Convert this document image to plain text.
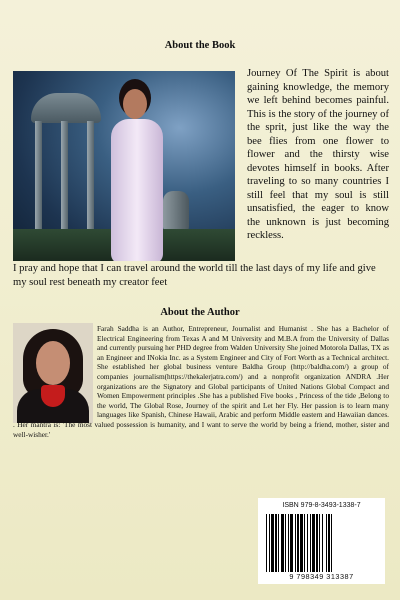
About the Book
Journey Of The Spirit is about gaining knowledge, the memory we left behind becomes painful. This is the story of the journey of the sprit, just like the way the bee flies from one flower to flower and the thirsty wise devotes himself in books. After traveling to so many countries I still feel that my soul is still unsatisfied, the eager to know the unknown is just becoming reckless.
I pray and hope that I can travel around the world till the last days of my life and give my soul rest beneath my creator feet
About the Author
Farah Saddha is an Author, Entrepreneur, Journalist and Humanist . She has a Bachelor of Electrical Engineering from Texas A and M University and M.B.A from the University of Dallas and currently pursuing her PHD degree from Walden University She joined Motorola Dallas, TX as an Engineer and INokia Inc. as a System Engineer and City of Fort Worth as a Technical architect. She established her global business venture Baldha Group (http://baldha.com/) a group of companies journalism(https://thekalerjatra.com/) and a nonprofit organization ANDRA .Her organizations are the Signatory and Global participants of United Nations Global Compact and Women Empowerment principles .She has a published Five books , Princess of the tide ,Belong to the world, The Global Rose, Journey of the spirit and Let her Fly. Her passion is to learn many languages like Spanish, Chinese Hawaii, Arabic and perform Middle eastern and Hawaiian dances. . Her mantra is: 'The most valued possession is humanity, and I want to serve the world by being a friend, mother, sister and well-wisher.'
ISBN 979-8-3493-1338-7
9 798349 313387
